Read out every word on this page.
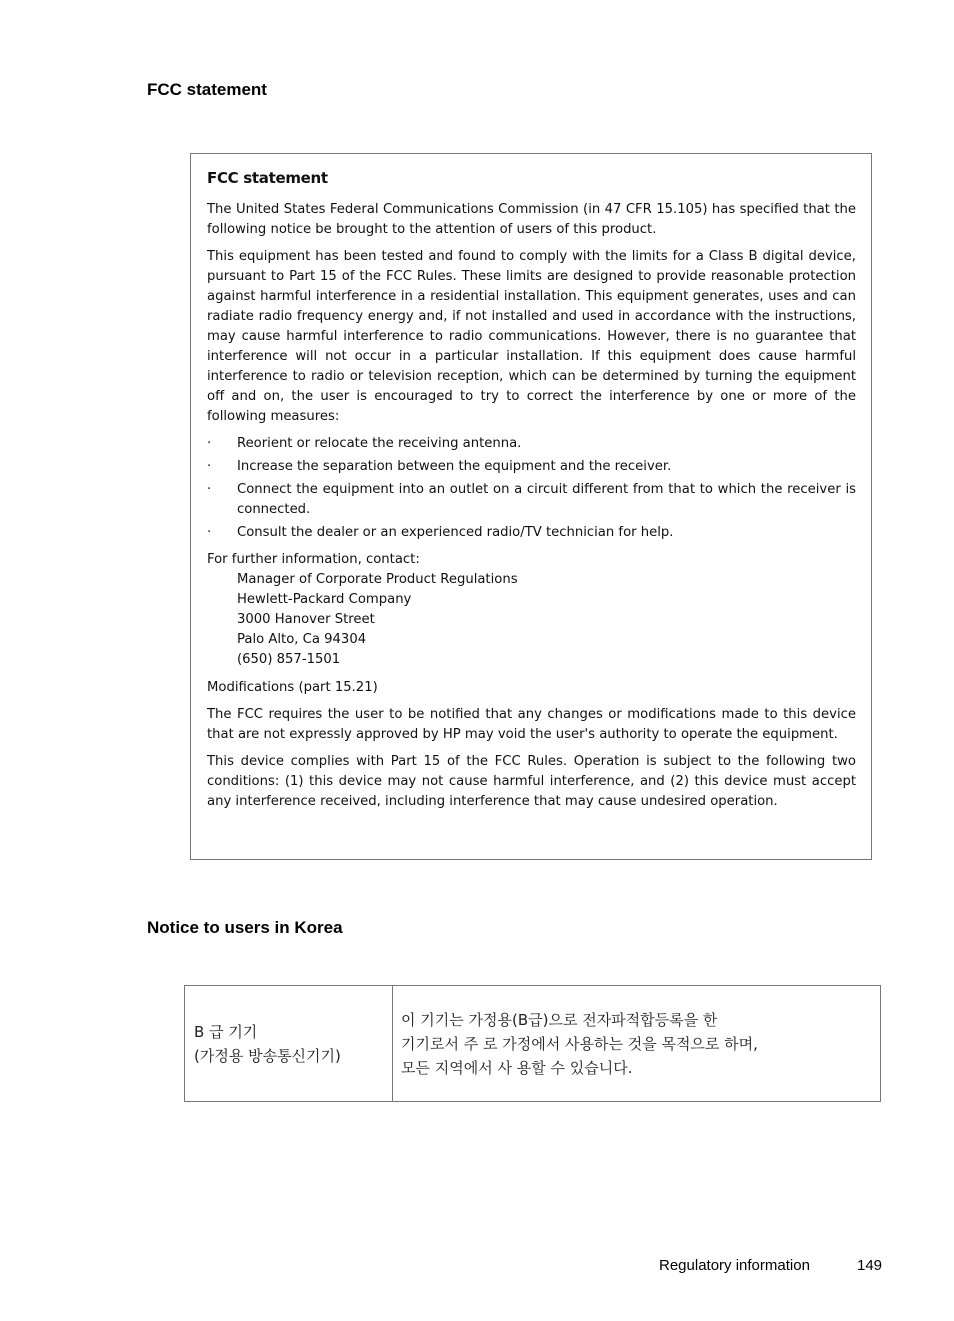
FCC statement

FCC statement

The United States Federal Communications Commission (in 47 CFR 15.105) has specified that the following notice be brought to the attention of users of this product.

This equipment has been tested and found to comply with the limits for a Class B digital device, pursuant to Part 15 of the FCC Rules. These limits are designed to provide reasonable protection against harmful interference in a residential installation. This equipment generates, uses and can radiate radio frequency energy and, if not installed and used in accordance with the instructions, may cause harmful interference to radio communications. However, there is no guarantee that interference will not occur in a particular installation. If this equipment does cause harmful interference to radio or television reception, which can be determined by turning the equipment off and on, the user is encouraged to try to correct the interference by one or more of the following measures:

· Reorient or relocate the receiving antenna.
· Increase the separation between the equipment and the receiver.
· Connect the equipment into an outlet on a circuit different from that to which the receiver is connected.
· Consult the dealer or an experienced radio/TV technician for help.
For further information, contact:
Manager of Corporate Product Regulations
Hewlett-Packard Company
3000 Hanover Street
Palo Alto, Ca 94304
(650) 857-1501

Modifications (part 15.21)

The FCC requires the user to be notified that any changes or modifications made to this device that are not expressly approved by HP may void the user's authority to operate the equipment.

This device complies with Part 15 of the FCC Rules. Operation is subject to the following two conditions: (1) this device may not cause harmful interference, and (2) this device must accept any interference received, including interference that may cause undesired operation.

Notice to users in Korea
B 급 기기
(가정용 방송통신기기)
이 기기는 가정용(B급)으로 전자파적합등록을 한
기기로서 주 로 가정에서 사용하는 것을 목적으로 하며,
모든 지역에서 사 용할 수 있습니다.
Regulatory information	149
